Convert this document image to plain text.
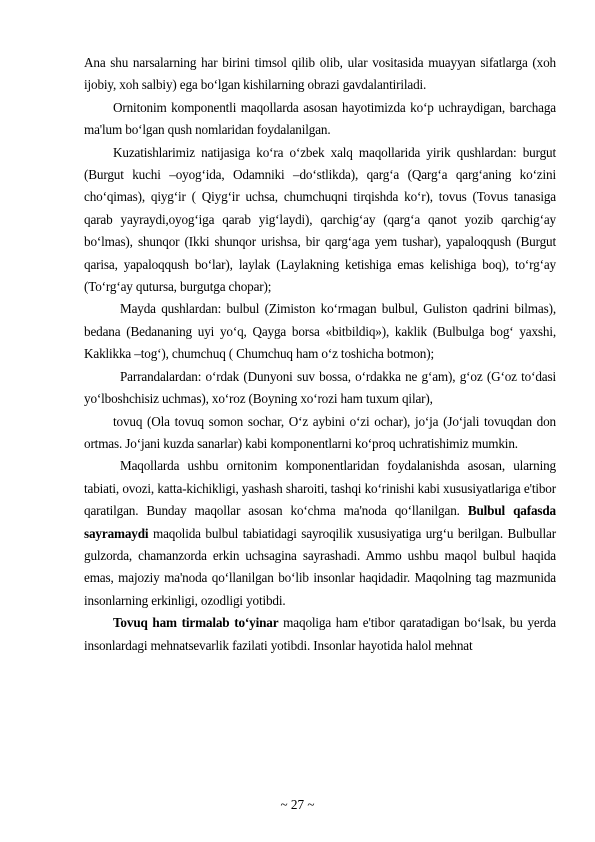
Ana shu narsalarning har birini timsol qilib olib, ular vositasida muayyan sifatlarga (xoh ijobiy, xoh salbiy) ega bo‘lgan kishilarning obrazi gavdalantiriladi.

Ornitonim komponentli maqollarda asosan hayotimizda ko‘p uchraydigan, barchaga ma'lum bo‘lgan qush nomlaridan foydalanilgan.

Kuzatishlarimiz natijasiga ko‘ra o‘zbek xalq maqollarida yirik qushlardan: burgut (Burgut kuchi –oyog‘ida, Odamniki –do‘stlikda), qarg‘a (Qarg‘a qarg‘aning ko‘zini cho‘qimas), qiyg‘ir ( Qiyg‘ir uchsa, chumchuqni tirqishda ko‘r), tovus (Tovus tanasiga qarab yayraydi,oyog‘iga qarab yig‘laydi), qarchig‘ay (qarg‘a qanot yozib qarchig‘ay bo‘lmas), shunqor (Ikki shunqor urishsa, bir qarg‘aga yem tushar), yapaloqqush (Burgut qarisa, yapaloqqush bo‘lar), laylak (Laylakning ketishiga emas kelishiga boq), to‘rg‘ay (To‘rg‘ay qutursa, burgutga chopar);

Mayda qushlardan: bulbul (Zimiston ko‘rmagan bulbul, Guliston qadrini bilmas), bedana (Bedananing uyi yo‘q, Qayga borsa «bitbildiq»), kaklik (Bulbulga bog‘ yaxshi, Kaklikka –tog‘), chumchuq ( Chumchuq ham o‘z toshicha botmon);

Parrandalardan: o‘rdak (Dunyoni suv bossa, o‘rdakka ne g‘am), g‘oz (G‘oz to‘dasi yo‘lboshchisiz uchmas), xo‘roz (Boyning xo‘rozi ham tuxum qilar),

tovuq (Ola tovuq somon sochar, O‘z aybini o‘zi ochar), jo‘ja (Jo‘jali tovuqdan don ortmas. Jo‘jani kuzda sanarlar) kabi komponentlarni ko‘proq uchratishimiz mumkin.

Maqollarda ushbu ornitonim komponentlaridan foydalanishda asosan, ularning tabiati, ovozi, katta-kichikligi, yashash sharoiti, tashqi ko‘rinishi kabi xususiyatlariga e'tibor qaratilgan. Bunday maqollar asosan ko‘chma ma'noda qo‘llanilgan. Bulbul qafasda sayramaydi maqolida bulbul tabiatidagi sayroqilik xususiyatiga urg‘u berilgan. Bulbullar gulzorda, chamanzorda erkin uchsagina sayrashadi. Ammo ushbu maqol bulbul haqida emas, majoziy ma'noda qo‘llanilgan bo‘lib insonlar haqidadir. Maqolning tag mazmunida insonlarning erkinligi, ozodligi yotibdi.

Tovuq ham tirmalab to‘yinar maqoliga ham e'tibor qaratadigan bo‘lsak, bu yerda insonlardagi mehnatsevarlik fazilati yotibdi. Insonlar hayotida halol mehnat

~ 27 ~
